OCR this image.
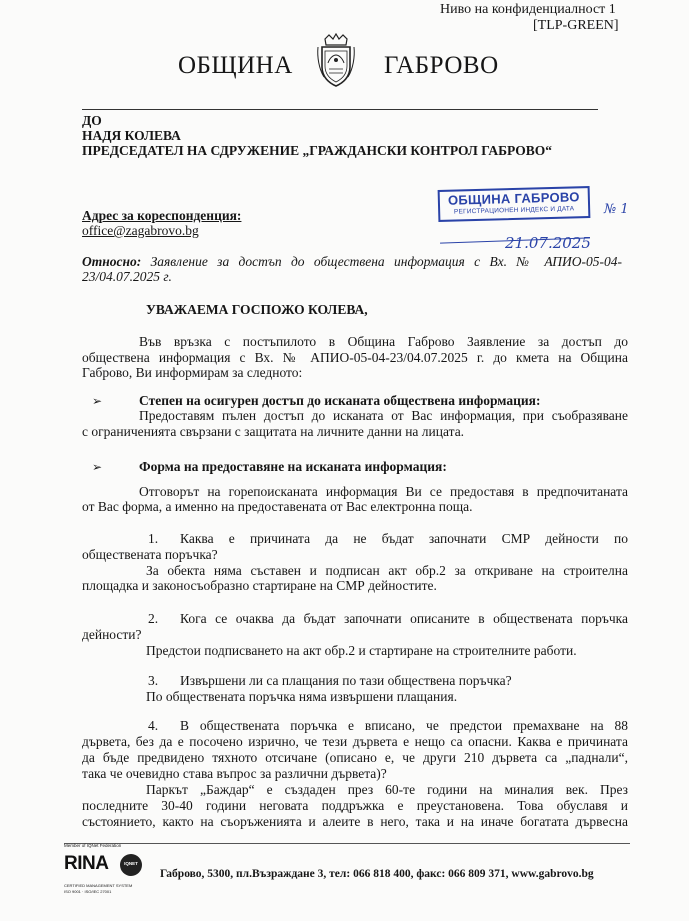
Ниво на конфиденциалност 1
[TLP-GREEN]
ОБЩИНА	ГАБРОВО
ДО
НАДЯ КОЛЕВА
ПРЕДСЕДАТЕЛ НА СДРУЖЕНИЕ „ГРАЖДАНСКИ КОНТРОЛ ГАБРОВО“
ОБЩИНА ГАБРОВО
РЕГИСТРАЦИОНЕН ИНДЕКС И ДАТА	№ 1
21.07.2025
Адрес за кореспонденция:
office@zagabrovo.bg
Относно: Заявление за достъп до обществена информация с Вх. № АПИО-05-04-
23/04.07.2025 г.
УВАЖАЕМА ГОСПОЖО КОЛЕВА,
Във връзка с постъпилото в Община Габрово Заявление за достъп до
обществена информация с Вх. № АПИО-05-04-23/04.07.2025 г. до кмета на Община
Габрово, Ви информирам за следното:
➢	Степен на осигурен достъп до исканата обществена информация:
Предоставям пълен достъп до исканата от Вас информация, при съобразяване
с ограниченията свързани с защитата на личните данни на лицата.
➢	Форма на предоставяне на исканата информация:
Отговорът на горепоисканата информация Ви се предоставя в предпочитаната
от Вас форма, а именно на предоставената от Вас електронна поща.
1. Каква е причината да не бъдат започнати СМР дейности по
обществената поръчка?
За обекта няма съставен и подписан акт обр.2 за откриване на строителна
площадка и законосъобразно стартиране на СМР дейностите.
2. Кога се очаква да бъдат започнати описаните в обществената поръчка
дейности?
Предстои подписването на акт обр.2 и стартиране на строителните работи.
3. Извършени ли са плащания по тази обществена поръчка?
По обществената поръчка няма извършени плащания.
4. В обществената поръчка е вписано, че предстои премахване на 88
дървета, без да е посочено изрично, че тези дървета е нещо са опасни. Каква е причината
да бъде предвидено тяхното отсичане (описано е, че други 210 дървета са „паднали“,
така че очевидно става въпрос за различни дървета)?
Паркът „Баждар“ е създаден през 60-те години на миналия век. През
последните 30-40 години неговата поддръжка е преустановена. Това обуславя и
състоянието, както на съоръженията и алеите в него, така и на иначе богатата дървесна
Member of IQNet Federation
RINA	IQNET
CERTIFIED MANAGEMENT SYSTEM
ISO 9001 · ISO/IEC 27001
Габрово, 5300, пл.Възраждане 3, тел: 066 818 400, факс: 066 809 371, www.gabrovo.bg
